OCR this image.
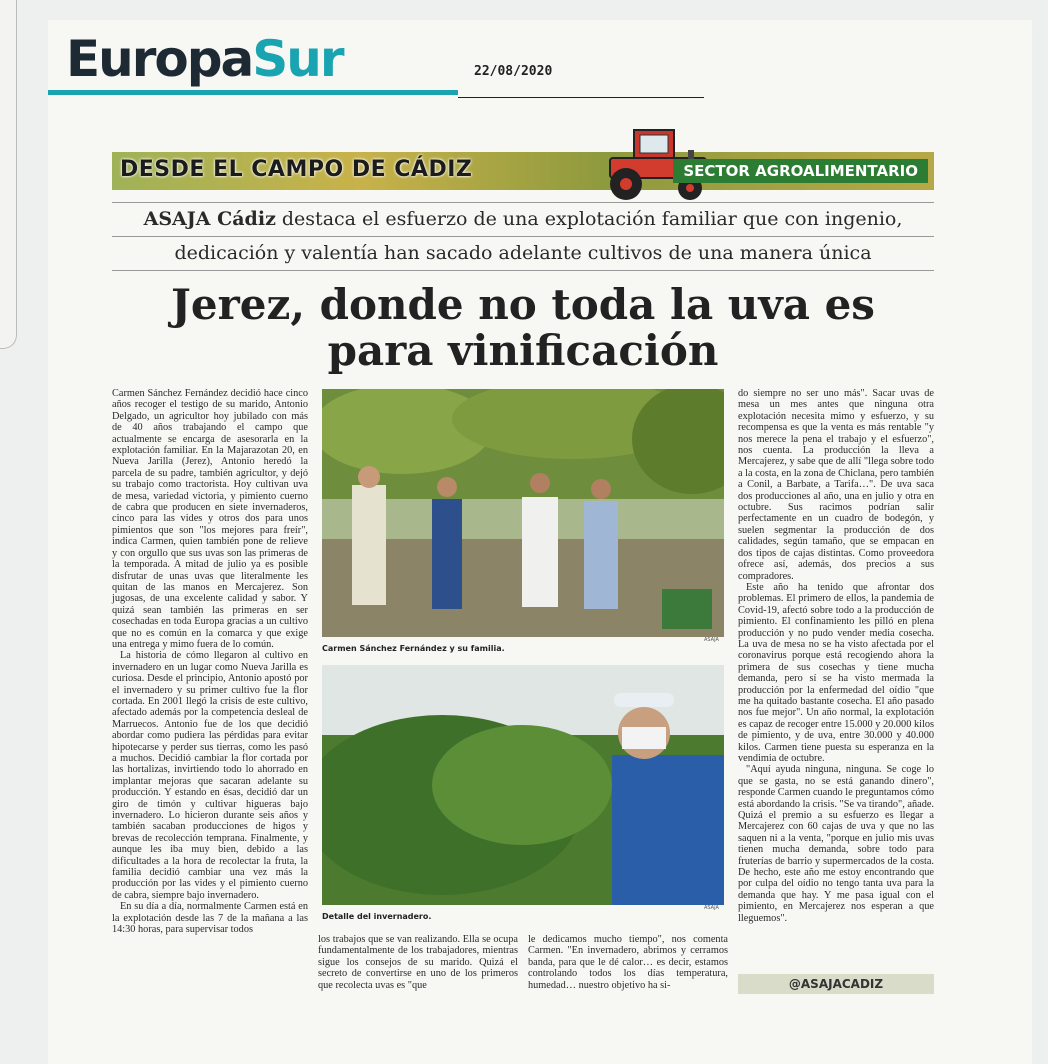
EuropaSur	22/08/2020
DESDE EL CAMPO DE CÁDIZ	SECTOR AGROALIMENTARIO
ASAJA Cádiz destaca el esfuerzo de una explotación familiar que con ingenio,
dedicación y valentía han sacado adelante cultivos de una manera única
Jerez, donde no toda la uva es
para vinificación

Carmen Sánchez Fernández decidió hace cinco años recoger el testigo de su marido, Antonio Delgado, un agricultor hoy jubilado con más de 40 años trabajando el campo que actualmente se encarga de asesorarla en la explotación familiar. En la Majarazotan 20, en Nueva Jarilla (Jerez), Antonio heredó la parcela de su padre, también agricultor, y dejó su trabajo como tractorista. Hoy cultivan uva de mesa, variedad victoria, y pimiento cuerno de cabra que producen en siete invernaderos, cinco para las vides y otros dos para unos pimientos que son "los mejores para freír", indica Carmen, quien también pone de relieve y con orgullo que sus uvas son las primeras de la temporada. A mitad de julio ya es posible disfrutar de unas uvas que literalmente les quitan de las manos en Mercajerez. Son jugosas, de una excelente calidad y sabor. Y quizá sean también las primeras en ser cosechadas en toda Europa gracias a un cultivo que no es común en la comarca y que exige una entrega y mimo fuera de lo común.

La historia de cómo llegaron al cultivo en invernadero en un lugar como Nueva Jarilla es curiosa. Desde el principio, Antonio apostó por el invernadero y su primer cultivo fue la flor cortada. En 2001 llegó la crisis de este cultivo, afectado además por la competencia desleal de Marruecos. Antonio fue de los que decidió abordar como pudiera las pérdidas para evitar hipotecarse y perder sus tierras, como les pasó a muchos. Decidió cambiar la flor cortada por las hortalizas, invirtiendo todo lo ahorrado en implantar mejoras que sacaran adelante su producción. Y estando en ésas, decidió dar un giro de timón y cultivar higueras bajo invernadero. Lo hicieron durante seis años y también sacaban producciones de higos y brevas de recolección temprana. Finalmente, y aunque les iba muy bien, debido a las dificultades a la hora de recolectar la fruta, la familia decidió cambiar una vez más la producción por las vides y el pimiento cuerno de cabra, siempre bajo invernadero.

En su día a día, normalmente Carmen está en la explotación desde las 7 de la mañana a las 14:30 horas, para supervisar todos

los trabajos que se van realizando. Ella se ocupa fundamentalmente de los trabajadores, mientras sigue los consejos de su marido. Quizá el secreto de convertirse en uno de los primeros que recolecta uvas es "que

le dedicamos mucho tiempo", nos comenta Carmen. "En invernadero, abrimos y cerramos banda, para que le dé calor… es decir, estamos controlando todos los días temperatura, humedad… nuestro objetivo ha si-

do siempre no ser uno más". Sacar uvas de mesa un mes antes que ninguna otra explotación necesita mimo y esfuerzo, y su recompensa es que la venta es más rentable "y nos merece la pena el trabajo y el esfuerzo", nos cuenta. La producción la lleva a Mercajerez, y sabe que de allí "llega sobre todo a la costa, en la zona de Chiclana, pero también a Conil, a Barbate, a Tarifa…". De uva saca dos producciones al año, una en julio y otra en octubre. Sus racimos podrían salir perfectamente en un cuadro de bodegón, y suelen segmentar la producción de dos calidades, según tamaño, que se empacan en dos tipos de cajas distintas. Como proveedora ofrece así, además, dos precios a sus compradores.

Este año ha tenido que afrontar dos problemas. El primero de ellos, la pandemia de Covid-19, afectó sobre todo a la producción de pimiento. El confinamiento les pilló en plena producción y no pudo vender media cosecha. La uva de mesa no se ha visto afectada por el coronavirus porque está recogiendo ahora la primera de sus cosechas y tiene mucha demanda, pero sí se ha visto mermada la producción por la enfermedad del oídio "que me ha quitado bastante cosecha. El año pasado nos fue mejor". Un año normal, la explotación es capaz de recoger entre 15.000 y 20.000 kilos de pimiento, y de uva, entre 30.000 y 40.000 kilos. Carmen tiene puesta su esperanza en la vendimia de octubre.

"Aquí ayuda ninguna, ninguna. Se coge lo que se gasta, no se está ganando dinero", responde Carmen cuando le preguntamos cómo está abordando la crisis. "Se va tirando", añade. Quizá el premio a su esfuerzo es llegar a Mercajerez con 60 cajas de uva y que no las saquen ni a la venta, "porque en julio mis uvas tienen mucha demanda, sobre todo para fruterías de barrio y supermercados de la costa. De hecho, este año me estoy encontrando que por culpa del oídio no tengo tanta uva para la demanda que hay. Y me pasa igual con el pimiento, en Mercajerez nos esperan a que lleguemos".

Carmen Sánchez Fernández y su familia.
ASAJA
Detalle del invernadero.
ASAJA
@ASAJACADIZ
